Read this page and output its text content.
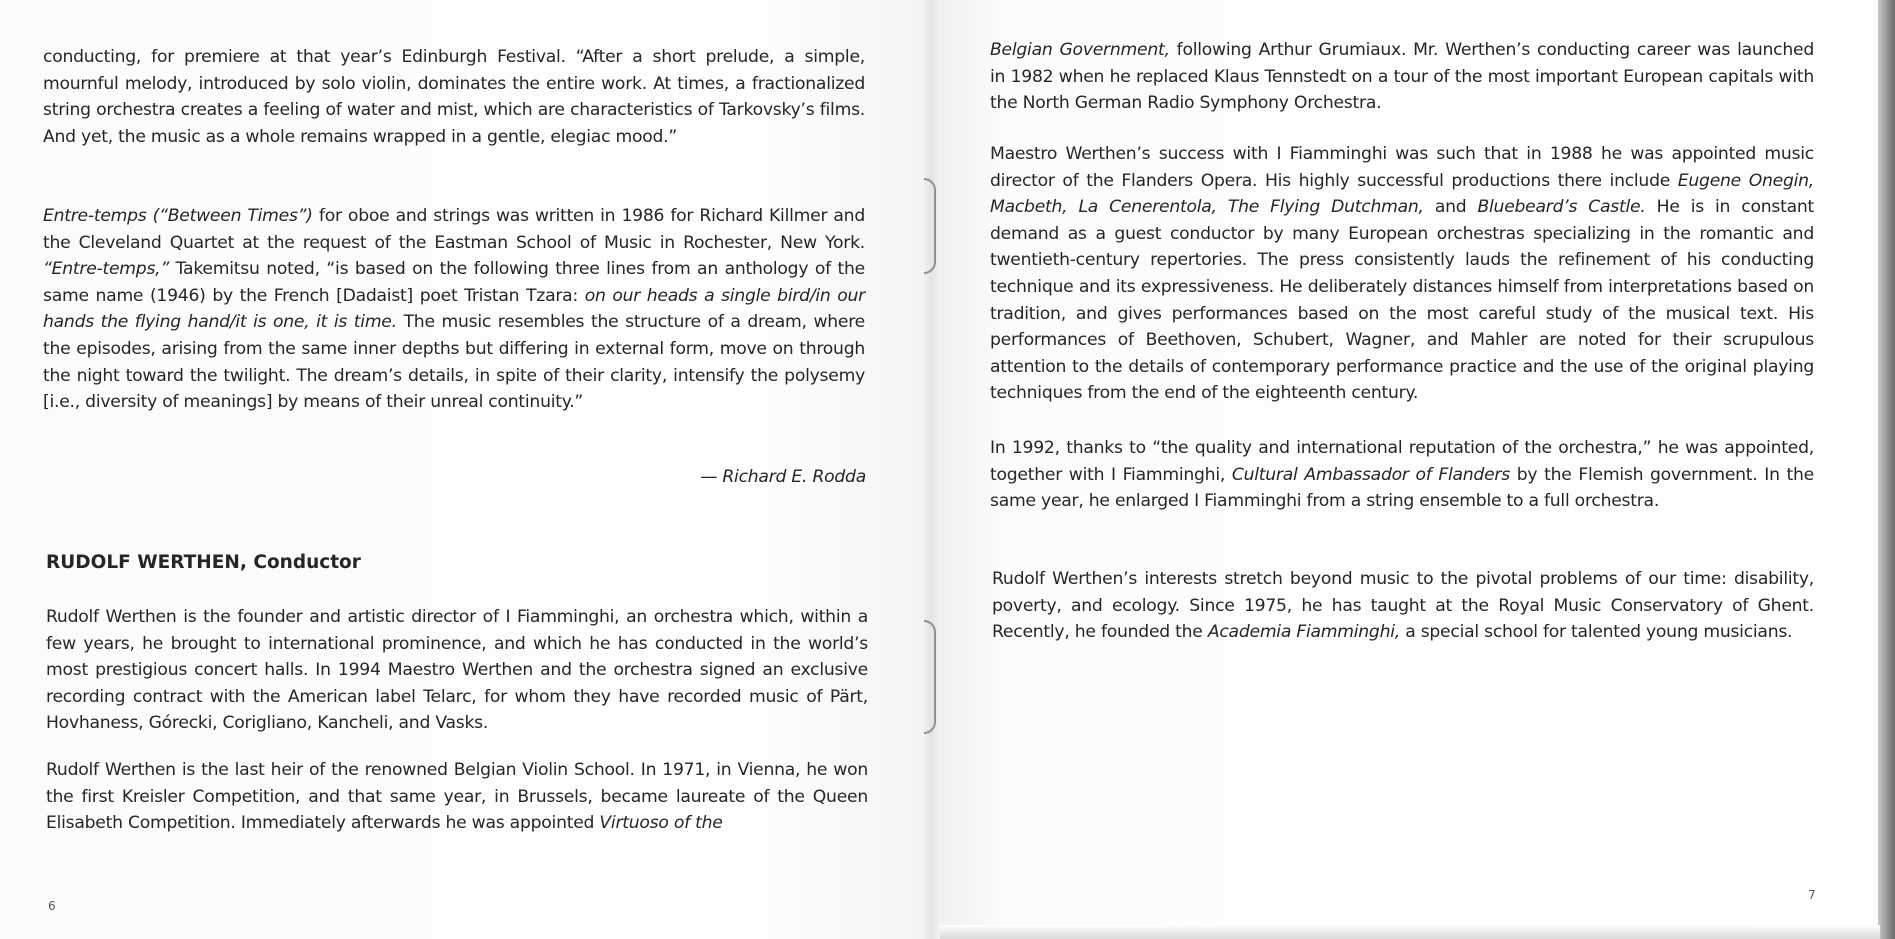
conducting, for premiere at that year’s Edinburgh Festival. “After a short prelude, a simple, mournful melody, introduced by solo violin, dominates the entire work. At times, a fractionalized string orchestra creates a feeling of water and mist, which are characteristics of Tarkovsky’s films. And yet, the music as a whole remains wrapped in a gentle, elegiac mood.”

Entre-temps (“Between Times”) for oboe and strings was written in 1986 for Richard Killmer and the Cleveland Quartet at the request of the Eastman School of Music in Rochester, New York. “Entre-temps,” Takemitsu noted, “is based on the following three lines from an anthology of the same name (1946) by the French [Dadaist] poet Tristan Tzara: on our heads a single bird/in our hands the flying hand/it is one, it is time. The music resembles the structure of a dream, where the episodes, arising from the same inner depths but differing in external form, move on through the night toward the twilight. The dream’s details, in spite of their clarity, intensify the polysemy [i.e., diversity of meanings] by means of their unreal continuity.”

— Richard E. Rodda
RUDOLF WERTHEN, Conductor

Rudolf Werthen is the founder and artistic director of I Fiamminghi, an orchestra which, within a few years, he brought to international prominence, and which he has conducted in the world’s most prestigious concert halls. In 1994 Maestro Werthen and the orchestra signed an exclusive recording contract with the American label Telarc, for whom they have recorded music of Pärt, Hovhaness, Górecki, Corigliano, Kancheli, and Vasks.

Rudolf Werthen is the last heir of the renowned Belgian Violin School. In 1971, in Vienna, he won the first Kreisler Competition, and that same year, in Brussels, became laureate of the Queen Elisabeth Competition. Immediately afterwards he was appointed Virtuoso of the

6

Belgian Government, following Arthur Grumiaux. Mr. Werthen’s conducting career was launched in 1982 when he replaced Klaus Tennstedt on a tour of the most important European capitals with the North German Radio Symphony Orchestra.

Maestro Werthen’s success with I Fiamminghi was such that in 1988 he was appointed music director of the Flanders Opera. His highly successful productions there include Eugene Onegin, Macbeth, La Cenerentola, The Flying Dutchman, and Bluebeard’s Castle. He is in constant demand as a guest conductor by many European orchestras specializing in the romantic and twentieth-century repertories. The press consistently lauds the refinement of his conducting technique and its expressiveness. He deliberately distances himself from interpretations based on tradition, and gives performances based on the most careful study of the musical text. His performances of Beethoven, Schubert, Wagner, and Mahler are noted for their scrupulous attention to the details of contemporary performance practice and the use of the original playing techniques from the end of the eighteenth century.

In 1992, thanks to “the quality and international reputation of the orchestra,” he was appointed, together with I Fiamminghi, Cultural Ambassador of Flanders by the Flemish government. In the same year, he enlarged I Fiamminghi from a string ensemble to a full orchestra.

Rudolf Werthen’s interests stretch beyond music to the pivotal problems of our time: disability, poverty, and ecology. Since 1975, he has taught at the Royal Music Conservatory of Ghent. Recently, he founded the Academia Fiamminghi, a special school for talented young musicians.

7
